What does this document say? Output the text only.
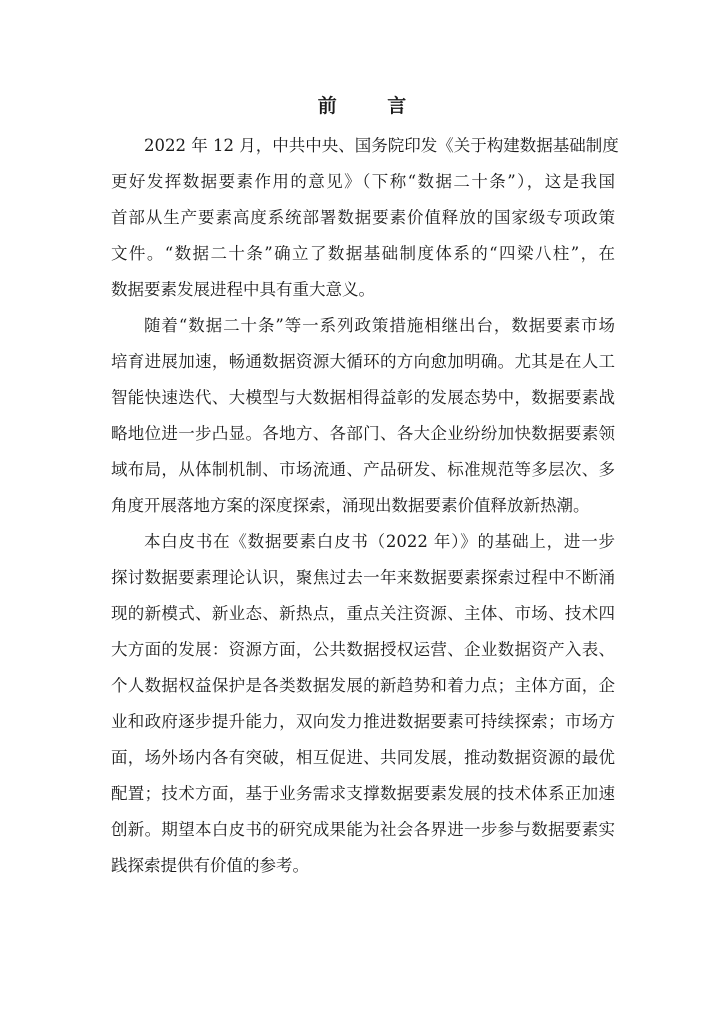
前 言
2022 年 12 月，中共中央、国务院印发《关于构建数据基础制度
更好发挥数据要素作用的意见》（下称“数据二十条”），这是我国
首部从生产要素高度系统部署数据要素价值释放的国家级专项政策
文件。“数据二十条”确立了数据基础制度体系的“四梁八柱”，在
数据要素发展进程中具有重大意义。
随着“数据二十条”等一系列政策措施相继出台，数据要素市场
培育进展加速，畅通数据资源大循环的方向愈加明确。尤其是在人工
智能快速迭代、大模型与大数据相得益彰的发展态势中，数据要素战
略地位进一步凸显。各地方、各部门、各大企业纷纷加快数据要素领
域布局，从体制机制、市场流通、产品研发、标准规范等多层次、多
角度开展落地方案的深度探索，涌现出数据要素价值释放新热潮。
本白皮书在《数据要素白皮书（2022 年）》的基础上，进一步
探讨数据要素理论认识，聚焦过去一年来数据要素探索过程中不断涌
现的新模式、新业态、新热点，重点关注资源、主体、市场、技术四
大方面的发展：资源方面，公共数据授权运营、企业数据资产入表、
个人数据权益保护是各类数据发展的新趋势和着力点；主体方面，企
业和政府逐步提升能力，双向发力推进数据要素可持续探索；市场方
面，场外场内各有突破，相互促进、共同发展，推动数据资源的最优
配置；技术方面，基于业务需求支撑数据要素发展的技术体系正加速
创新。期望本白皮书的研究成果能为社会各界进一步参与数据要素实
践探索提供有价值的参考。
